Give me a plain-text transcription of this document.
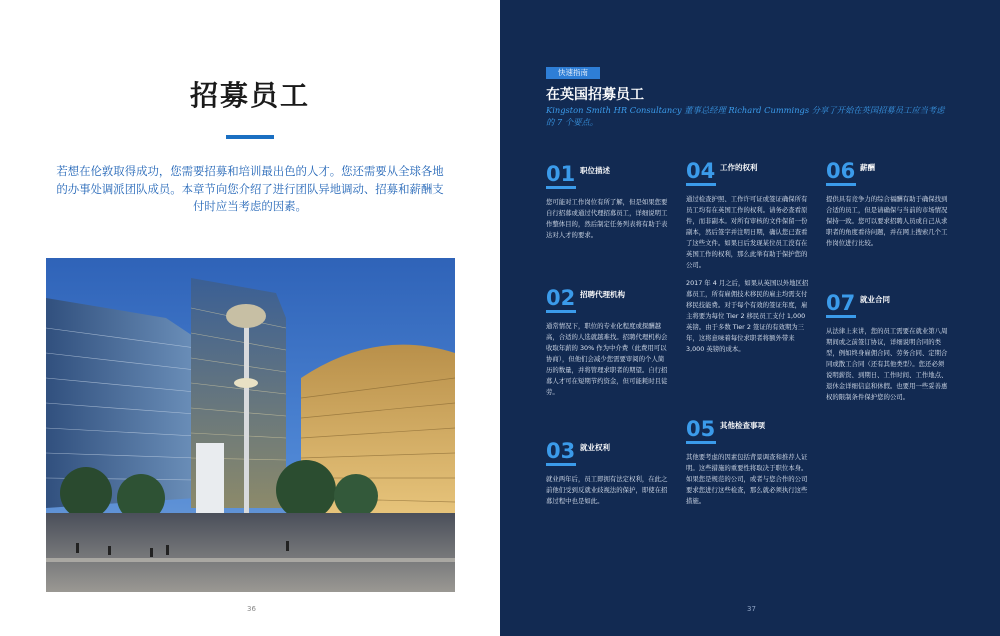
招募员工
若想在伦敦取得成功，您需要招募和培训最出色的人才。您还需要从全球各地的办事处调派团队成员。本章节向您介绍了进行团队异地调动、招募和薪酬支付时应当考虑的因素。
36
快速指南
在英国招募员工
Kingston Smith HR Consultancy 董事总经理 Richard Cummings 分享了开始在英国招募员工应当考虑的 7 个要点。
01 职位描述

您可能对工作岗位有所了解，但是如果您要自行招募或通过代理招募员工，详细说明工作整体目的，然后制定任务列表将有助于表达对人才的要求。

02 招聘代理机构

通常情况下，职位的专业化程度或探酬越高，合适的人选就越难找。招聘代理机构会收取年薪的 30% 作为中介费（此费用可以协商），但他们会减少您需要审阅的个人简历的数量，并将管理求职者的期望。自行招募人才可在短期节约资金，但可能耗时且徒劳。

03 就业权利

就业两年后，员工即拥有法定权利，在此之前他们受到反就业歧视法的保护，即使在招募过程中也是如此。

04 工作的权利

通过检查护照、工作许可证或签证确保所有员工均有在英国工作的权利。请务必查看原件，而非副本。对所有审核的文件保留一份副本，然后签字并注明日期，确认您已查看了这些文件。如果日后发现某位员工没有在英国工作的权利，那么此举有助于保护您的公司。

2017 年 4 月之后，如果从英国以外地区招募员工，所有雇佣技术移民的雇主均需支付移民技能费。对于每个有效的签证年度，雇主将要为每位 Tier 2 移民员工支付 1,000 英镑。由于多数 Tier 2 签证的有效期为三年，这将意味着每位求职者将额外带来 3,000 英镑的成本。

05 其他检查事项

其他要考虑的因素包括背景调查和推荐人证明。这些措施的重要性将取决于职位本身。如果您是规范的公司，或者与您合作的公司要求您进行这些检查，那么就必须执行这些措施。

06 薪酬

提供具有竞争力的综合福酬有助于确保找到合适的员工，但是请确保与当前的市场情况保持一致。您可以要求招聘人员或自己从求职者的角度看待问题，并在网上搜索几个工作岗位进行比较。

07 就业合同

从法律上来讲，您的员工需要在就业第八周期间或之前签订协议，详细说明合同的类型，例如终身雇佣合同、劳务合同、定期合同或散工合同（还有其他类型）。您还必须说明薪资、到期日、工作时间、工作地点、退休金详细信息和休假。也要用一些妥善惠权的限制条件保护您的公司。

37
